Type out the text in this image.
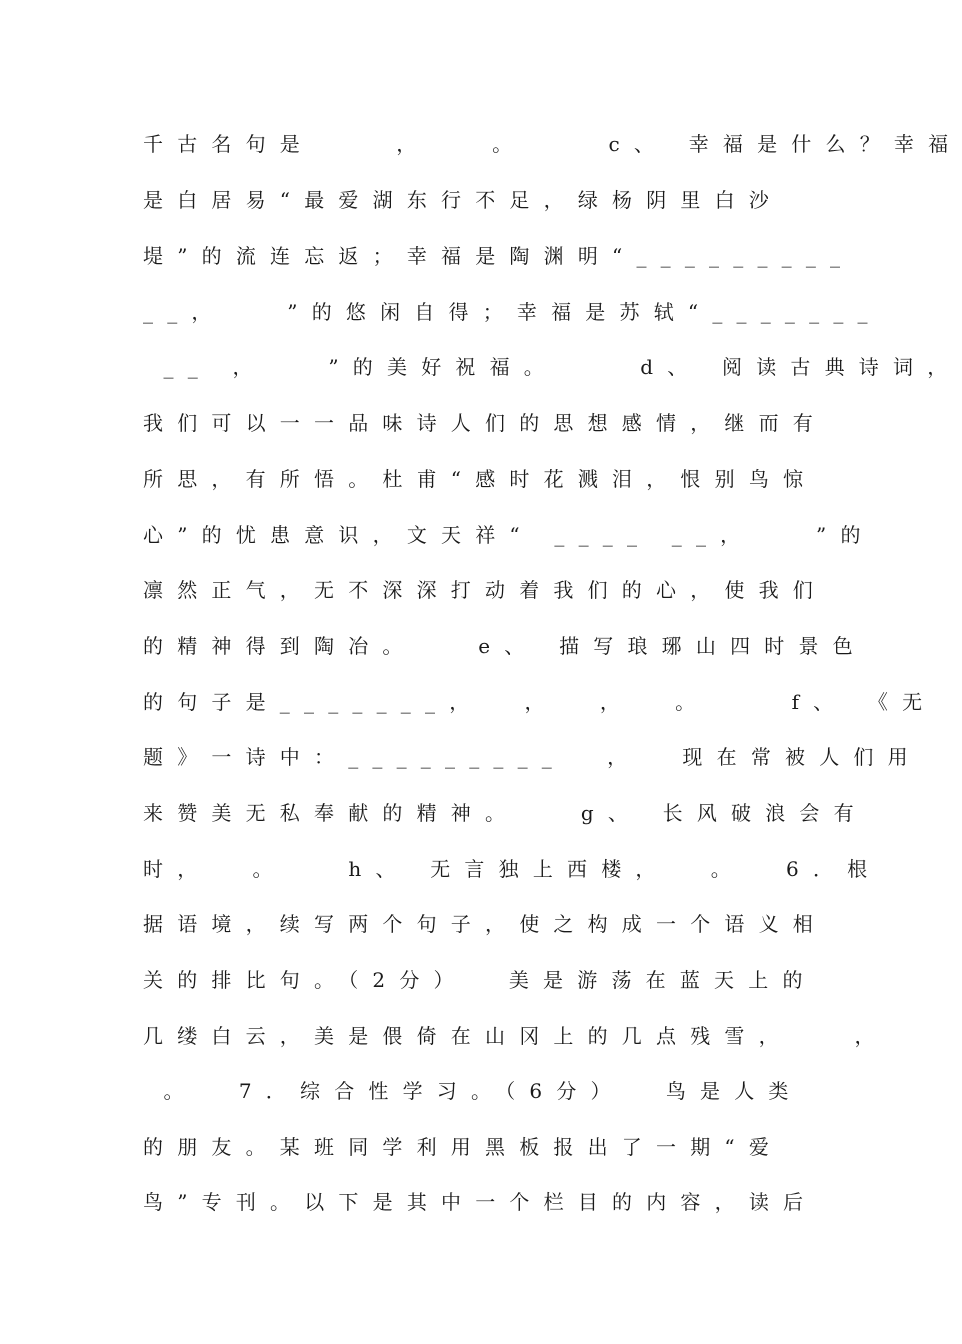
千古名句是    ，   。    c、 幸福是什么？幸福
是白居易“最爱湖东行不足，绿杨阴里白沙
堤”的流连忘返；幸福是陶渊明“_________
__，   ”的悠闲自得；幸福是苏轼“_______
__ ，   ”的美好祝福。    d、 阅读古典诗词，
我们可以一一品味诗人们的思想感情，继而有
所思，有所悟。杜甫“感时花溅泪，恨别鸟惊
心”的忧患意识，文天祥“ ____ __，   ”的
凛然正气，无不深深打动着我们的心，使我们
的精神得到陶冶。   e、 描写琅琊山四时景色
的句子是_______，  ，  ，  。    f、 《无
题》一诗中：_________  ，  现在常被人们用
来赞美无私奉献的精神。   g、 长风破浪会有
时，  。   h、 无言独上西楼，  。  6．根
据语境，续写两个句子，使之构成一个语义相
关的排比句。（2分）  美是游荡在蓝天上的
几缕白云，美是偎倚在山冈上的几点残雪，   ，
。  7．综合性学习。（6分）  鸟是人类
的朋友。某班同学利用黑板报出了一期“爱
鸟”专刊。以下是其中一个栏目的内容，读后
